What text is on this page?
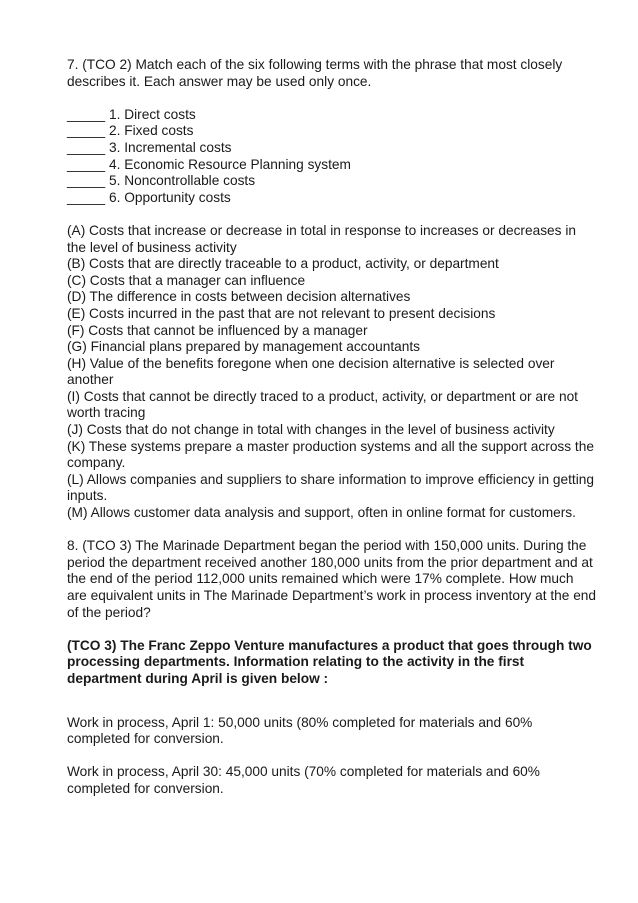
7. (TCO 2) Match each of the six following terms with the phrase that most closely describes it. Each answer may be used only once.

_____ 1. Direct costs
_____ 2. Fixed costs
_____ 3. Incremental costs
_____ 4. Economic Resource Planning system
_____ 5. Noncontrollable costs
_____ 6. Opportunity costs

(A) Costs that increase or decrease in total in response to increases or decreases in the level of business activity

(B) Costs that are directly traceable to a product, activity, or department

(C) Costs that a manager can influence

(D) The difference in costs between decision alternatives

(E) Costs incurred in the past that are not relevant to present decisions

(F) Costs that cannot be influenced by a manager

(G) Financial plans prepared by management accountants

(H) Value of the benefits foregone when one decision alternative is selected over another

(I) Costs that cannot be directly traced to a product, activity, or department or are not worth tracing

(J) Costs that do not change in total with changes in the level of business activity

(K) These systems prepare a master production systems and all the support across the company.

(L) Allows companies and suppliers to share information to improve efficiency in getting inputs.

(M) Allows customer data analysis and support, often in online format for customers.

8. (TCO 3) The Marinade Department began the period with 150,000 units. During the period the department received another 180,000 units from the prior department and at the end of the period 112,000 units remained which were 17% complete. How much are equivalent units in The Marinade Department’s work in process inventory at the end of the period?

(TCO 3) The Franc Zeppo Venture manufactures a product that goes through two processing departments. Information relating to the activity in the first department during April is given below :

Work in process, April 1: 50,000 units (80% completed for materials and 60% completed for conversion.

Work in process, April 30: 45,000 units (70% completed for materials and 60% completed for conversion.
